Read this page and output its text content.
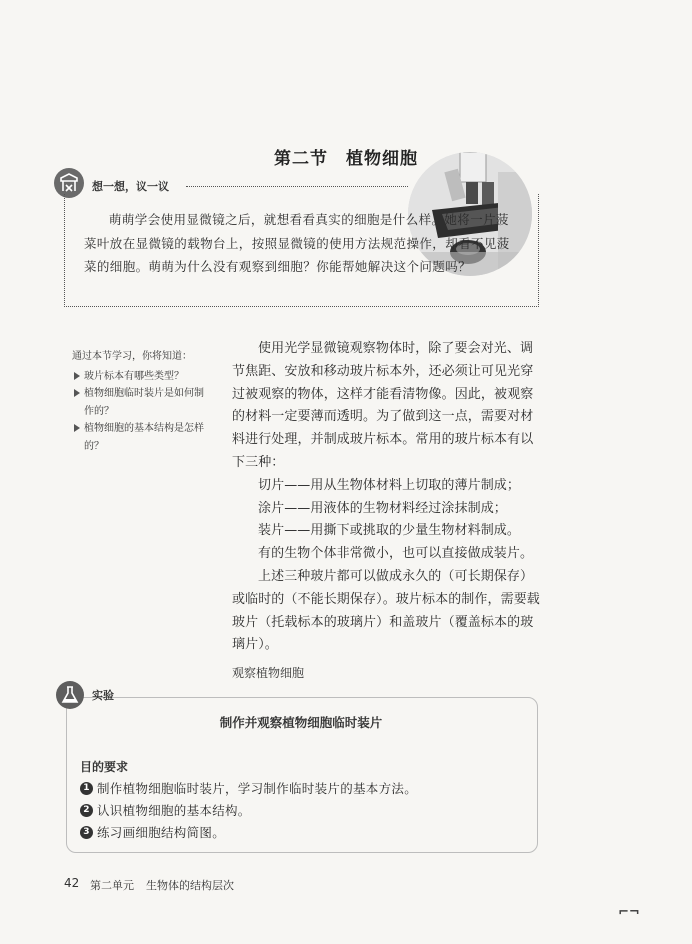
第二节 植物细胞
想一想，议一议
萌萌学会使用显微镜之后，就想看看真实的细胞是什么样。她将一片菠菜叶放在显微镜的载物台上，按照显微镜的使用方法规范操作，却看不见菠菜的细胞。萌萌为什么没有观察到细胞？你能帮她解决这个问题吗？
通过本节学习，你将知道：
玻片标本有哪些类型？
植物细胞临时装片是如何制作的？
植物细胞的基本结构是怎样的？

使用光学显微镜观察物体时，除了要会对光、调节焦距、安放和移动玻片标本外，还必须让可见光穿过被观察的物体，这样才能看清物像。因此，被观察的材料一定要薄而透明。为了做到这一点，需要对材料进行处理，并制成玻片标本。常用的玻片标本有以下三种：

切片——用从生物体材料上切取的薄片制成；

涂片——用液体的生物材料经过涂抹制成；

装片——用撕下或挑取的少量生物材料制成。

有的生物个体非常微小，也可以直接做成装片。

上述三种玻片都可以做成永久的（可长期保存）或临时的（不能长期保存）。玻片标本的制作，需要载玻片（托载标本的玻璃片）和盖玻片（覆盖标本的玻璃片）。

观察植物细胞
实验
制作并观察植物细胞临时装片
目的要求
1 制作植物细胞临时装片，学习制作临时装片的基本方法。
2 认识植物细胞的基本结构。
3 练习画细胞结构简图。
42 第二单元 生物体的结构层次
⌐¬
